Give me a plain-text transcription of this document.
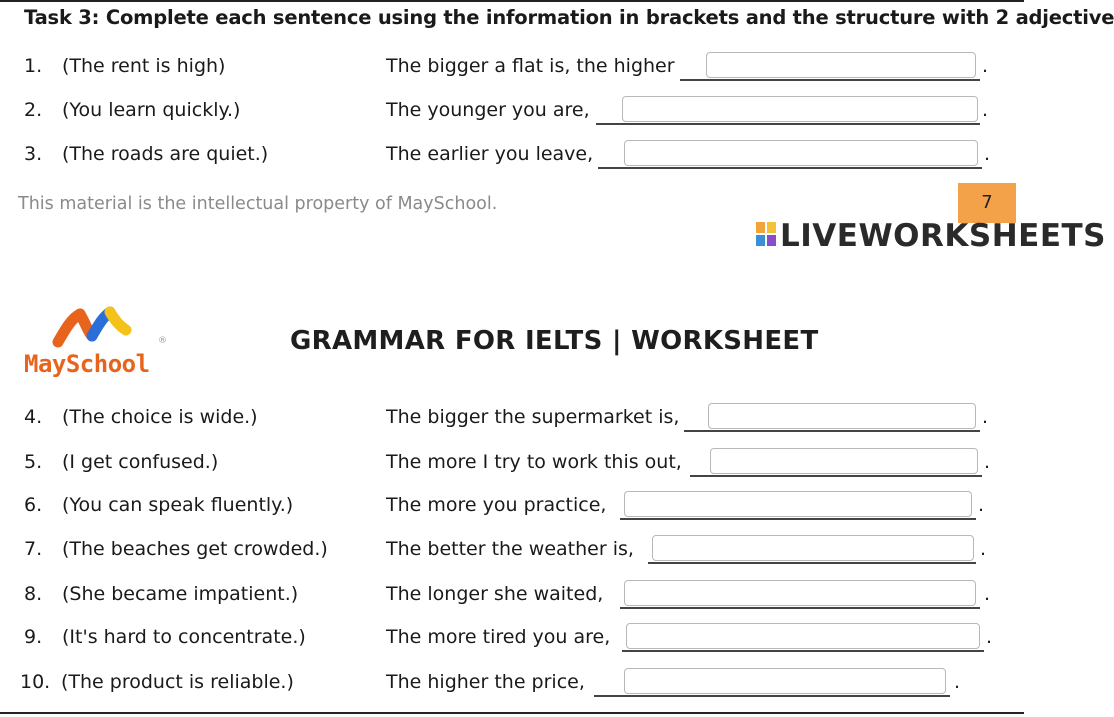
Task 3: Complete each sentence using the information in brackets and the structure with 2 adjective
1. (The rent is high)	The bigger a flat is, the higher	.
2. (You learn quickly.)	The younger you are,	.
3. (The roads are quiet.)	The earlier you leave,	.
This material is the intellectual property of MaySchool.	7
LIVEWORKSHEETS
MaySchool
®	GRAMMAR FOR IELTS | WORKSHEET
4. (The choice is wide.)	The bigger the supermarket is,	.
5. (I get confused.)	The more I try to work this out,	.
6. (You can speak fluently.)	The more you practice,	.
7. (The beaches get crowded.)	The better the weather is,	.
8. (She became impatient.)	The longer she waited,	.
9. (It's hard to concentrate.)	The more tired you are,	.
10. (The product is reliable.)	The higher the price,	.
